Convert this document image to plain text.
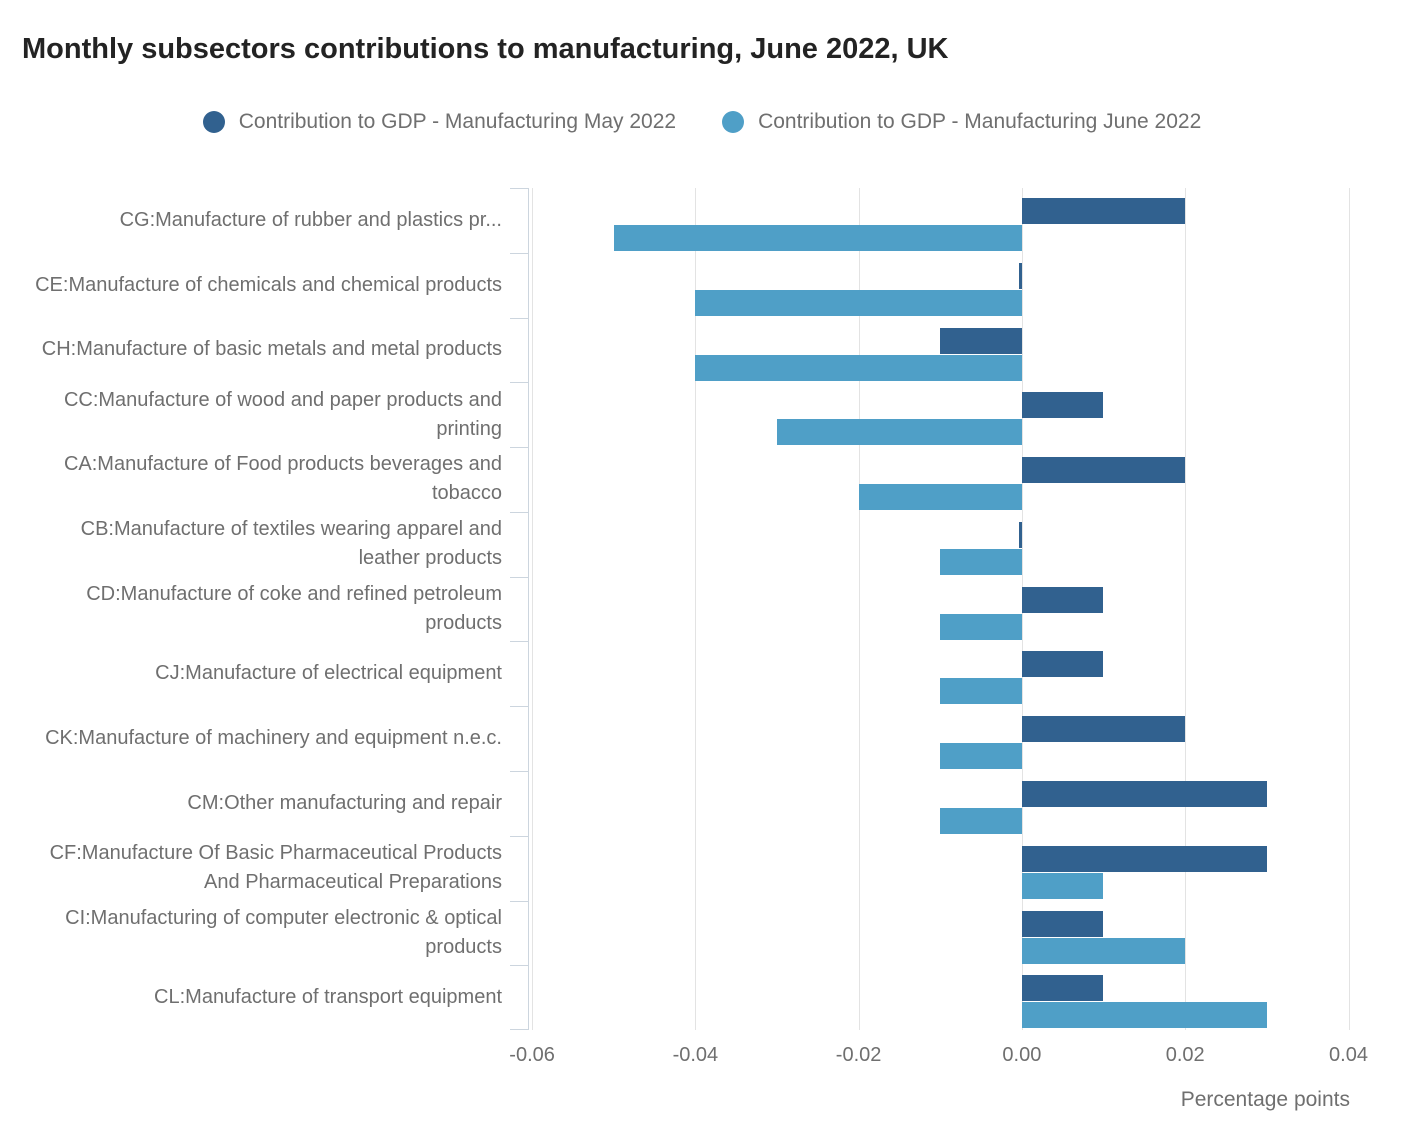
Monthly subsectors contributions to manufacturing, June 2022, UK
Contribution to GDP - Manufacturing May 2022	Contribution to GDP - Manufacturing June 2022
CG:Manufacture of rubber and plastics pr...
CE:Manufacture of chemicals and chemical products
CH:Manufacture of basic metals and metal products
CC:Manufacture of wood and paper products and printing
CA:Manufacture of Food products beverages and tobacco
CB:Manufacture of textiles wearing apparel and leather products
CD:Manufacture of coke and refined petroleum products
CJ:Manufacture of electrical equipment
CK:Manufacture of machinery and equipment n.e.c.
CM:Other manufacturing and repair
CF:Manufacture Of Basic Pharmaceutical Products And Pharmaceutical Preparations
CI:Manufacturing of computer electronic & optical products
CL:Manufacture of transport equipment
-0.06	-0.04	-0.02	0.00	0.02	0.04
Percentage points
